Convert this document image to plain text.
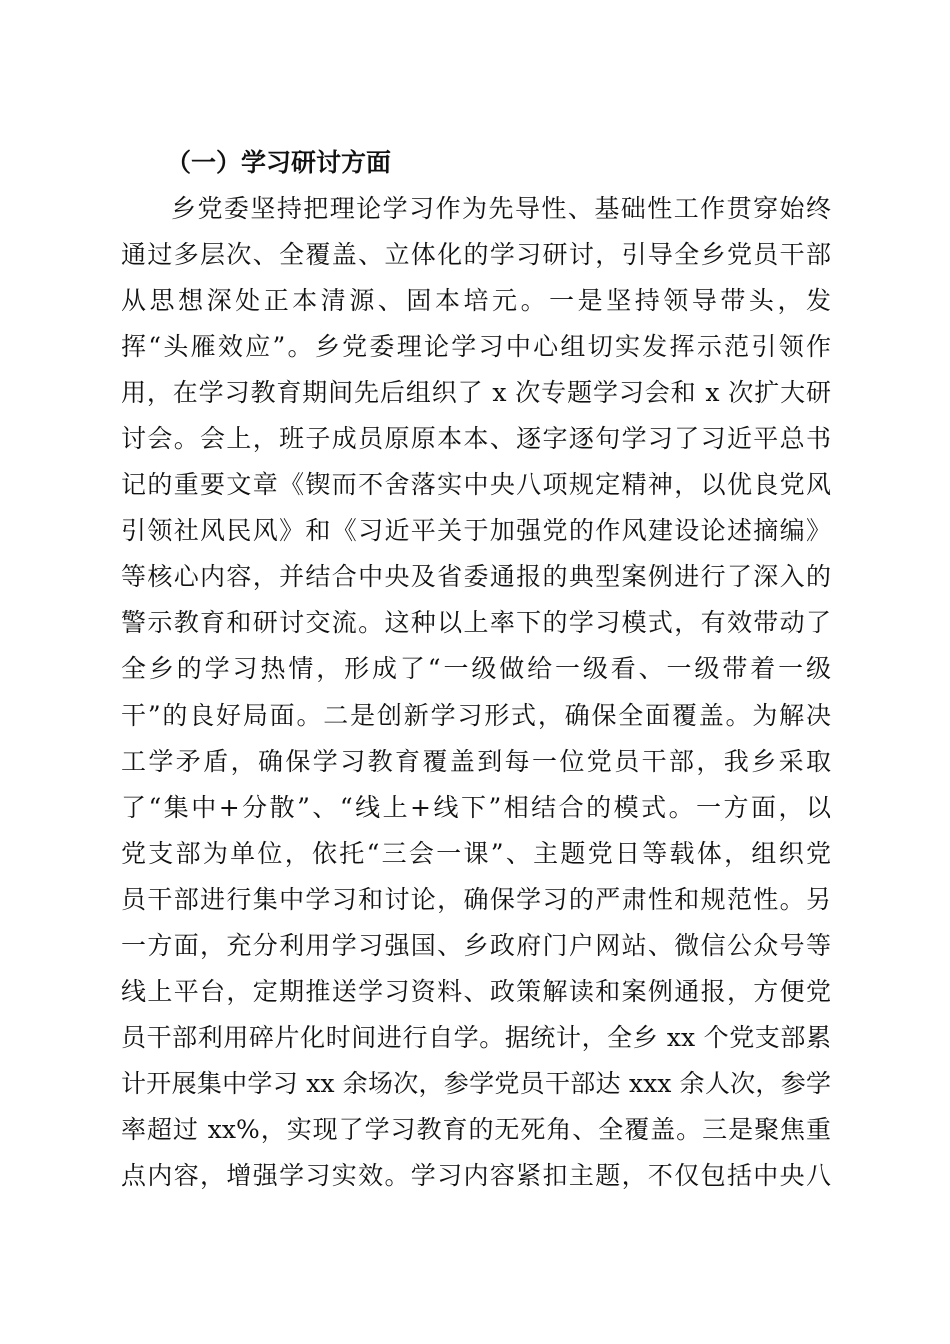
（一）学习研讨方面
乡党委坚持把理论学习作为先导性、基础性工作贯穿始终
通过多层次、全覆盖、立体化的学习研讨，引导全乡党员干部
从思想深处正本清源、固本培元。一是坚持领导带头，发
挥“头雁效应”。乡党委理论学习中心组切实发挥示范引领作
用，在学习教育期间先后组织了 x 次专题学习会和 x 次扩大研
讨会。会上，班子成员原原本本、逐字逐句学习了习近平总书
记的重要文章《锲而不舍落实中央八项规定精神，以优良党风
引领社风民风》和《习近平关于加强党的作风建设论述摘编》
等核心内容，并结合中央及省委通报的典型案例进行了深入的
警示教育和研讨交流。这种以上率下的学习模式，有效带动了
全乡的学习热情，形成了“一级做给一级看、一级带着一级
干”的良好局面。二是创新学习形式，确保全面覆盖。为解决
工学矛盾，确保学习教育覆盖到每一位党员干部，我乡采取
了“集中+分散”、“线上+线下”相结合的模式。一方面，以
党支部为单位，依托“三会一课”、主题党日等载体，组织党
员干部进行集中学习和讨论，确保学习的严肃性和规范性。另
一方面，充分利用学习强国、乡政府门户网站、微信公众号等
线上平台，定期推送学习资料、政策解读和案例通报，方便党
员干部利用碎片化时间进行自学。据统计，全乡 xx 个党支部累
计开展集中学习 xx 余场次，参学党员干部达 xxx 余人次，参学
率超过 xx%，实现了学习教育的无死角、全覆盖。三是聚焦重
点内容，增强学习实效。学习内容紧扣主题，不仅包括中央八
